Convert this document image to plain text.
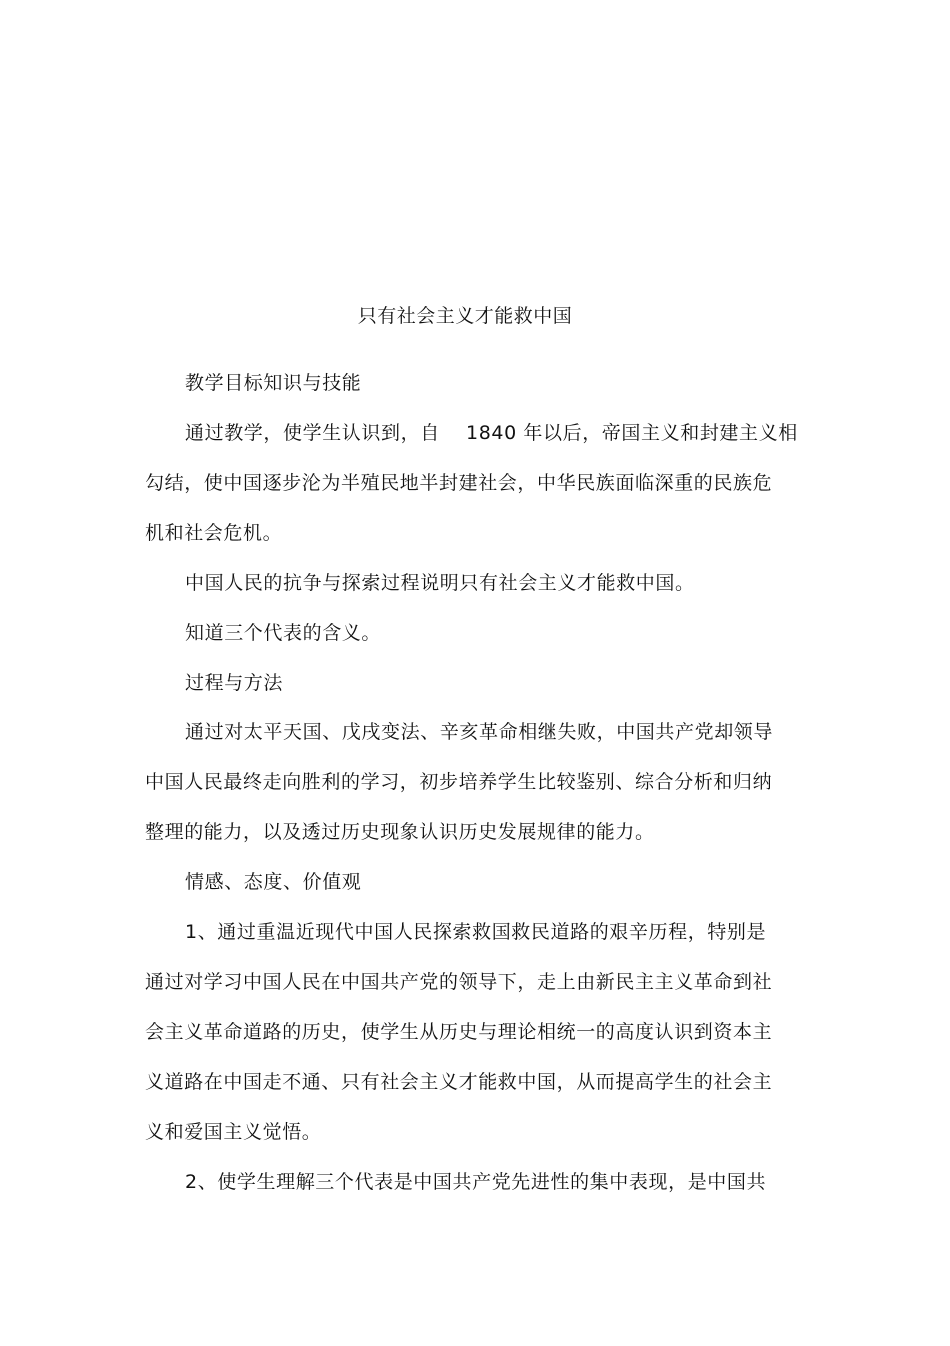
只有社会主义才能救中国
教学目标知识与技能
通过教学，使学生认识到，自　 1840 年以后，帝国主义和封建主义相
勾结，使中国逐步沦为半殖民地半封建社会，中华民族面临深重的民族危
机和社会危机。
中国人民的抗争与探索过程说明只有社会主义才能救中国。
知道三个代表的含义。
过程与方法
通过对太平天国、戊戌变法、辛亥革命相继失败，中国共产党却领导
中国人民最终走向胜利的学习，初步培养学生比较鉴别、综合分析和归纳
整理的能力，以及透过历史现象认识历史发展规律的能力。
情感、态度、价值观
1、通过重温近现代中国人民探索救国救民道路的艰辛历程，特别是
通过对学习中国人民在中国共产党的领导下，走上由新民主主义革命到社
会主义革命道路的历史，使学生从历史与理论相统一的高度认识到资本主
义道路在中国走不通、只有社会主义才能救中国，从而提高学生的社会主
义和爱国主义觉悟。
2、使学生理解三个代表是中国共产党先进性的集中表现，是中国共
